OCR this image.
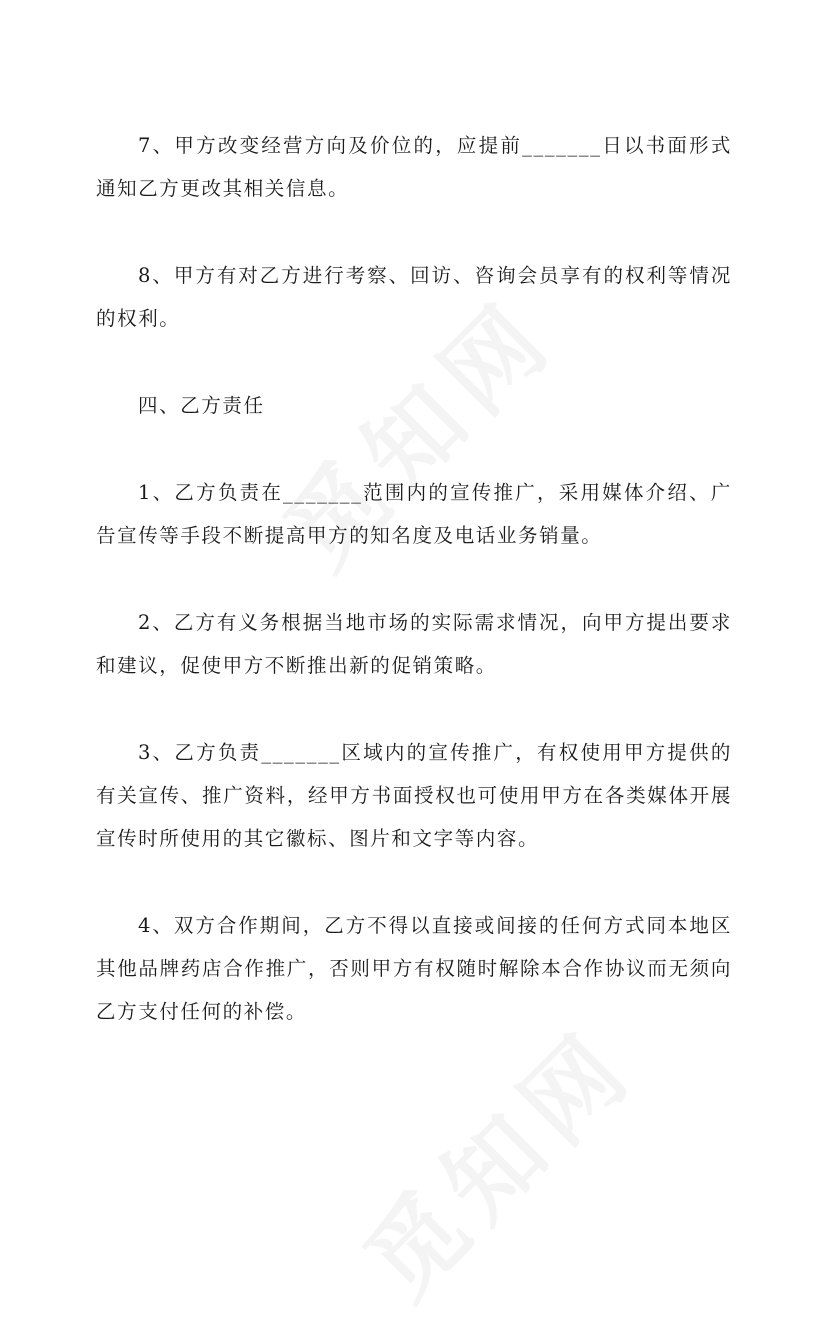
7、甲方改变经营方向及价位的，应提前_______日以书面形式通知乙方更改其相关信息。

8、甲方有对乙方进行考察、回访、咨询会员享有的权利等情况的权利。

四、乙方责任

1、乙方负责在_______范围内的宣传推广，采用媒体介绍、广告宣传等手段不断提高甲方的知名度及电话业务销量。

2、乙方有义务根据当地市场的实际需求情况，向甲方提出要求和建议，促使甲方不断推出新的促销策略。

3、乙方负责_______区域内的宣传推广，有权使用甲方提供的有关宣传、推广资料，经甲方书面授权也可使用甲方在各类媒体开展宣传时所使用的其它徽标、图片和文字等内容。

4、双方合作期间，乙方不得以直接或间接的任何方式同本地区其他品牌药店合作推广，否则甲方有权随时解除本合作协议而无须向乙方支付任何的补偿。
